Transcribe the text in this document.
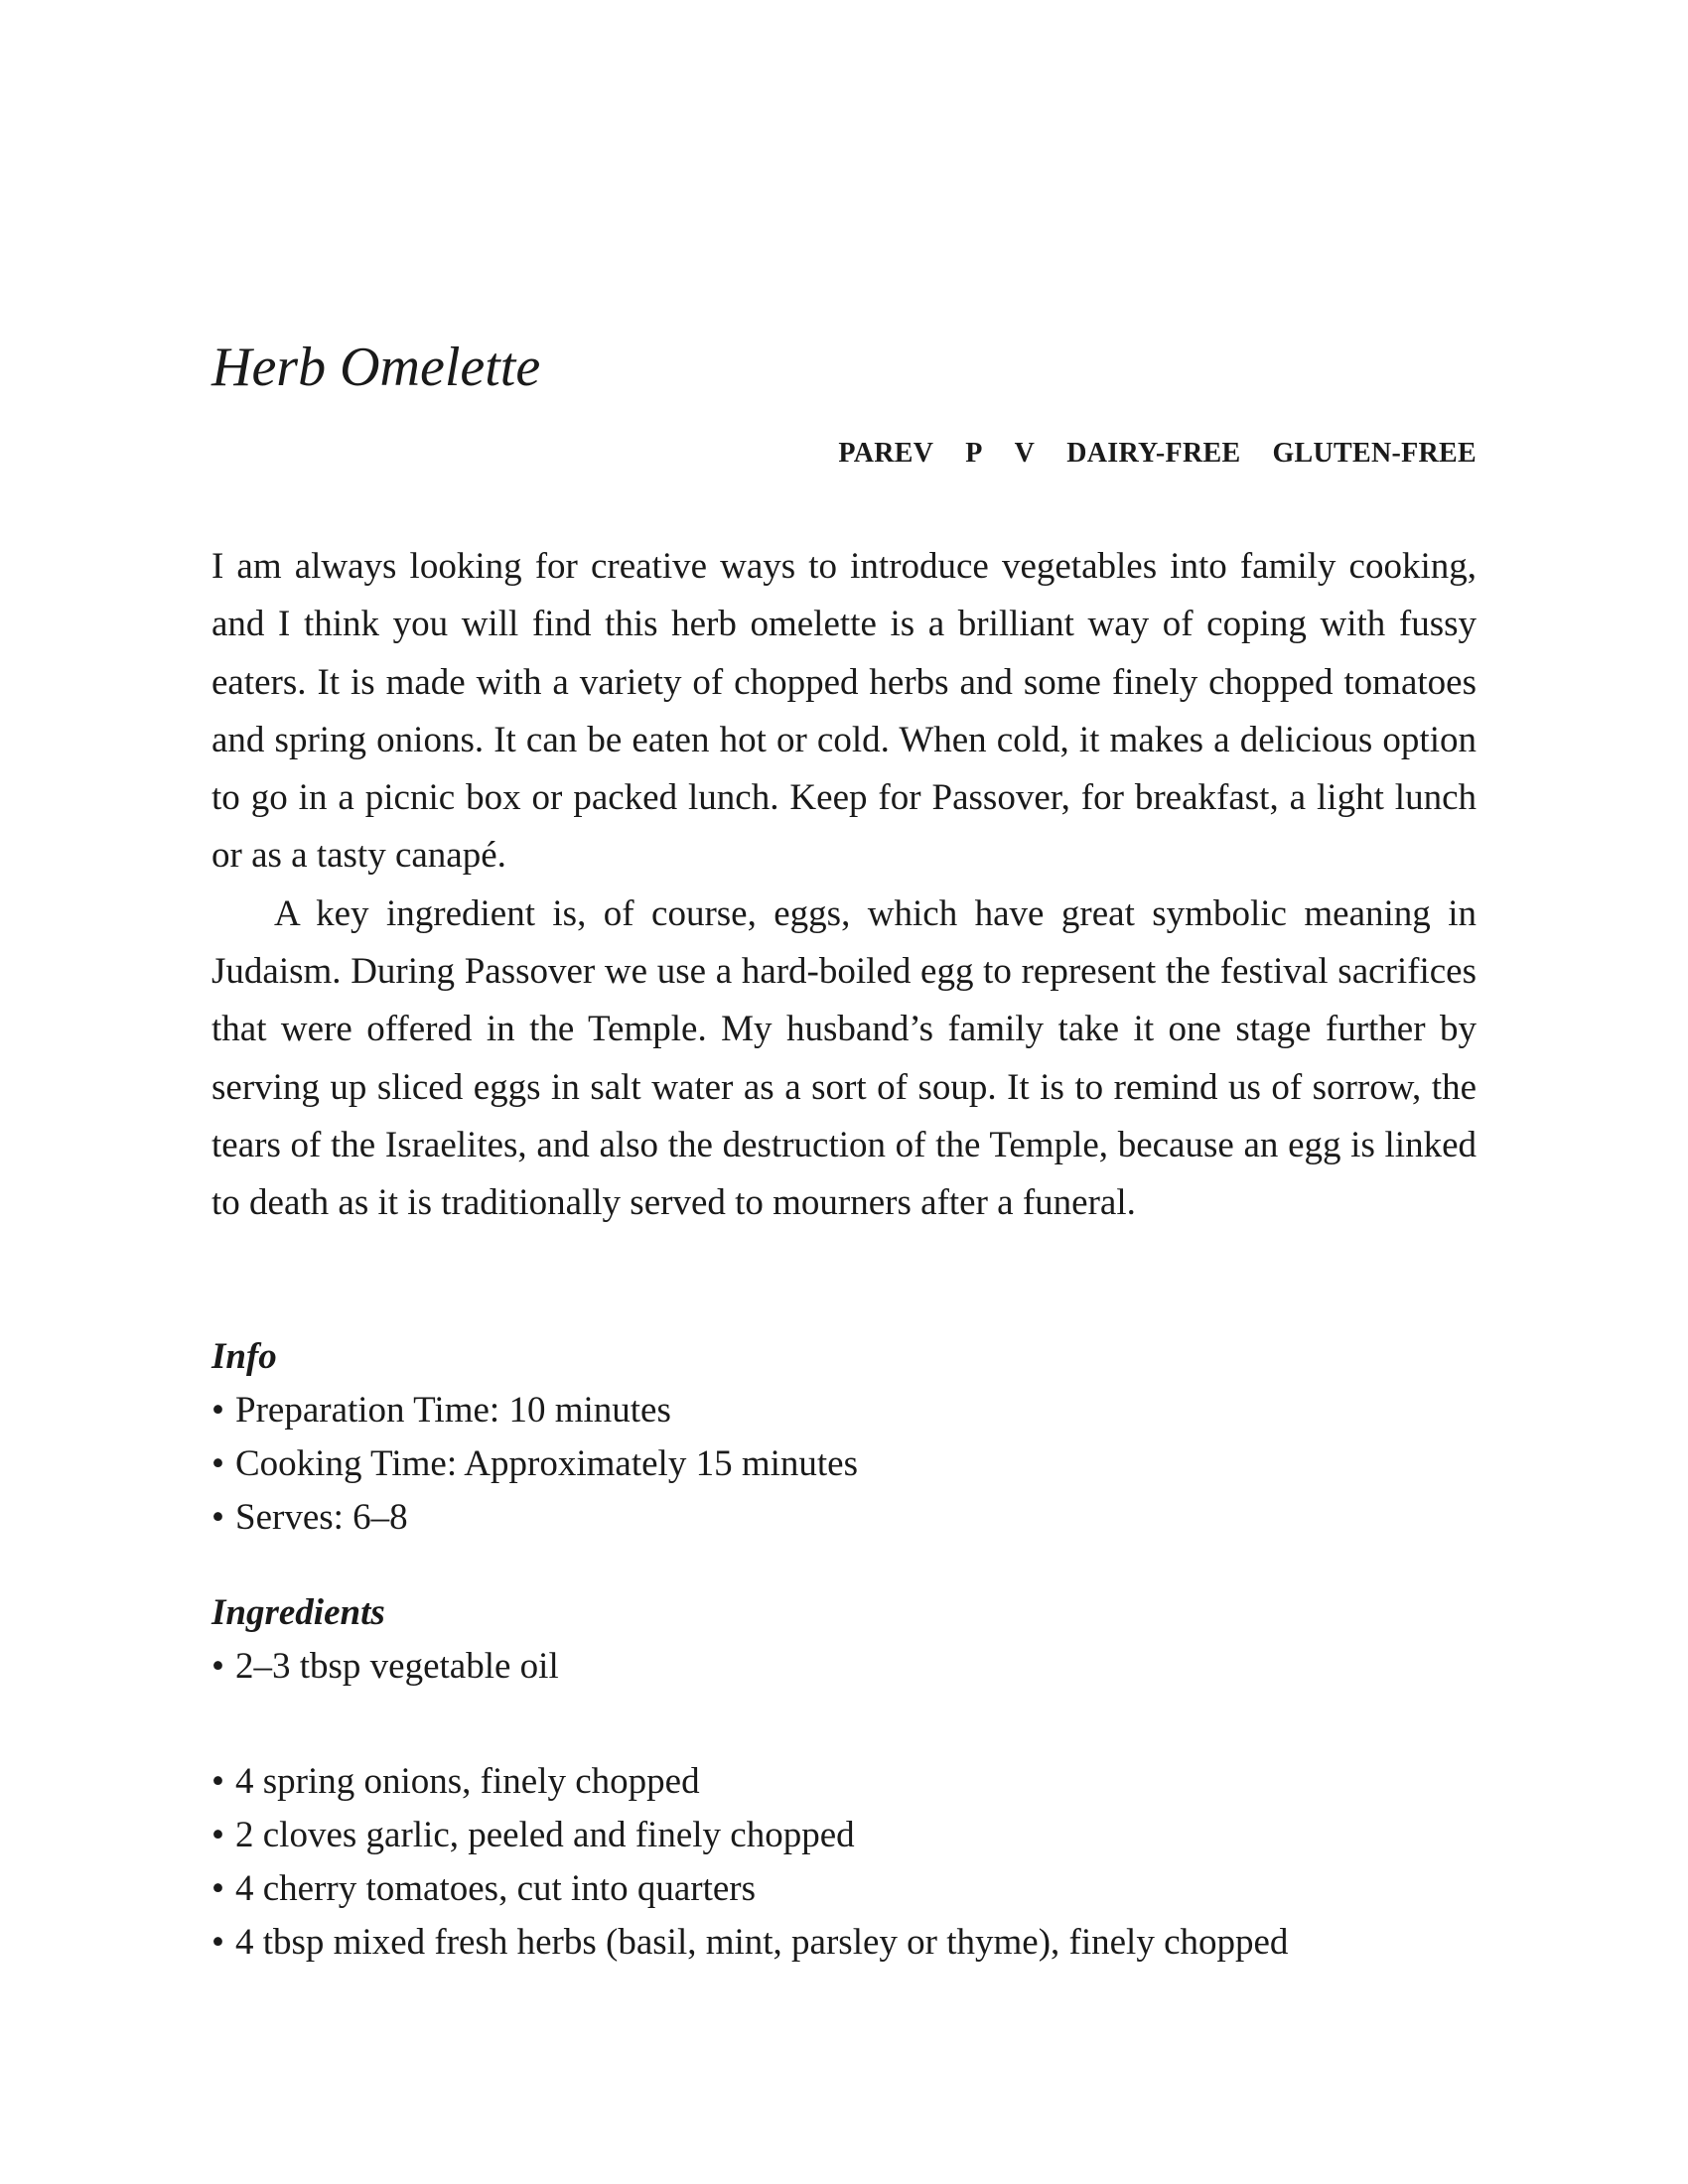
Herb Omelette
PAREV P V DAIRY-FREE GLUTEN-FREE

I am always looking for creative ways to introduce vegetables into family cooking, and I think you will find this herb omelette is a brilliant way of coping with fussy eaters. It is made with a variety of chopped herbs and some finely chopped tomatoes and spring onions. It can be eaten hot or cold. When cold, it makes a delicious option to go in a picnic box or packed lunch. Keep for Passover, for breakfast, a light lunch or as a tasty canapé.

A key ingredient is, of course, eggs, which have great symbolic meaning in Judaism. During Passover we use a hard-boiled egg to represent the festival sacrifices that were offered in the Temple. My husband’s family take it one stage further by serving up sliced eggs in salt water as a sort of soup. It is to remind us of sorrow, the tears of the Israelites, and also the destruction of the Temple, because an egg is linked to death as it is traditionally served to mourners after a funeral.

Info
• Preparation Time: 10 minutes
• Cooking Time: Approximately 15 minutes
• Serves: 6–8
Ingredients
• 2–3 tbsp vegetable oil
• 4 spring onions, finely chopped
• 2 cloves garlic, peeled and finely chopped
• 4 cherry tomatoes, cut into quarters
• 4 tbsp mixed fresh herbs (basil, mint, parsley or thyme), finely chopped
